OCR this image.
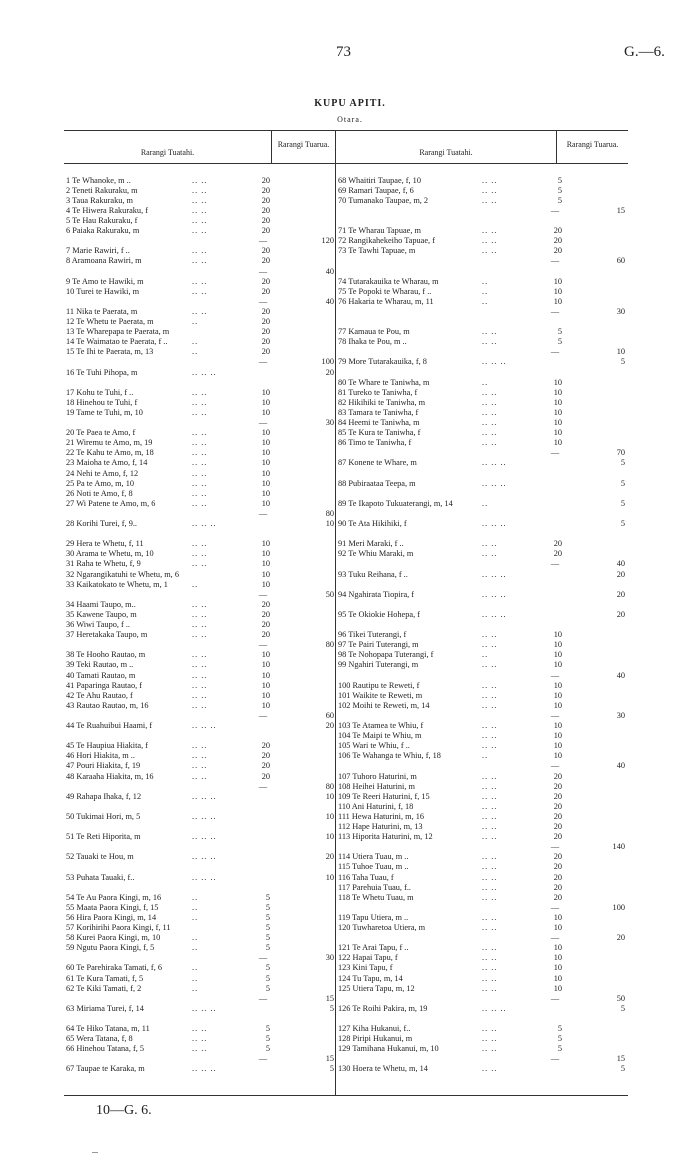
73	G.—6.
KUPU APITI.
Otara.
Rarangi Tuatahi.
Rarangi Tuarua.
Rarangi Tuatahi.
Rarangi Tuarua.
1 Te Whanoke, m ..	.. ..	20
2 Teneti Rakuraku, m	.. ..	20
3 Taua Rakuraku, m	.. ..	20
4 Te Hiwera Rakuraku, f	.. ..	20
5 Te Hau Rakuraku, f	.. ..	20
6 Paiaka Rakuraku, m	.. ..	20
—	120
7 Marie Rawiri, f ..	.. ..	20
8 Aramoana Rawiri, m	.. ..	20
—	40
9 Te Amo te Hawiki, m	.. ..	20
10 Turei te Hawiki, m	.. ..	20
—	40
11 Nika te Paerata, m	.. ..	20
12 Te Whetu te Paerata, m	..	20
13 Te Wharepapa te Paerata, m	20
14 Te Waimatao te Paerata, f ..	..	20
15 Te Ihi te Paerata, m, 13	..	20
—	100
16 Te Tuhi Pihopa, m	.. .. ..	20
17 Kohu te Tuhi, f ..	.. ..	10
18 Hinehou te Tuhi, f	.. ..	10
19 Tame te Tuhi, m, 10	.. ..	10
—	30
20 Te Paea te Amo, f	.. ..	10
21 Wiremu te Amo, m, 19	.. ..	10
22 Te Kahu te Amo, m, 18	.. ..	10
23 Maioha te Amo, f, 14	.. ..	10
24 Nehi te Amo, f, 12	.. ..	10
25 Pa te Amo, m, 10	.. ..	10
26 Noti te Amo, f, 8	.. ..	10
27 Wi Patene te Amo, m, 6	.. ..	10
—	80
28 Korihi Turei, f, 9..	.. .. ..	10
29 Hera te Whetu, f, 11	.. ..	10
30 Arama te Whetu, m, 10	.. ..	10
31 Raha te Whetu, f, 9	.. ..	10
32 Ngarangikatuhi te Whetu, m, 6	10
33 Kaikatokato te Whetu, m, 1	..	10
—	50
34 Haami Taupo, m..	.. ..	20
35 Kawene Taupo, m	.. ..	20
36 Wiwi Taupo, f ..	.. ..	20
37 Heretakaka Taupo, m	.. ..	20
—	80
38 Te Hooho Rautao, m	.. ..	10
39 Teki Rautao, m ..	.. ..	10
40 Tamati Rautao, m	.. ..	10
41 Paparinga Rautao, f	.. ..	10
42 Te Ahu Rautao, f	.. ..	10
43 Rautao Rautao, m, 16	.. ..	10
—	60
44 Te Ruahuibui Haami, f	.. .. ..	20
45 Te Haupiua Hiakita, f	.. ..	20
46 Hori Hiakita, m ..	.. ..	20
47 Pouri Hiakita, f, 19	.. ..	20
48 Karaaha Hiakita, m, 16	.. ..	20
—	80
49 Rahapa Ihaka, f, 12	.. .. ..	10
50 Tukimai Hori, m, 5	.. .. ..	10
51 Te Reti Hiporita, m	.. .. ..	10
52 Tauaki te Hou, m	.. .. ..	20
53 Puhata Tauaki, f..	.. .. ..	10
54 Te Au Paora Kingi, m, 16	..	5
55 Maata Paora Kingi, f, 15	..	5
56 Hira Paora Kingi, m, 14	..	5
57 Korihirihi Paora Kingi, f, 11	5
58 Kurei Paora Kingi, m, 10	..	5
59 Ngutu Paora Kingi, f, 5	..	5
—	30
60 Te Parehiraka Tamati, f, 6	..	5
61 Te Kura Tamati, f, 5	..	5
62 Te Kiki Tamati, f, 2	..	5
—	15
63 Miriama Turei, f, 14	.. .. ..	5
64 Te Hiko Tatana, m, 11	.. ..	5
65 Wera Tatana, f, 8	.. ..	5
66 Hinehou Tatana, f, 5	.. ..	5
—	15
67 Taupae te Karaka, m	.. .. ..	5
68 Whaitiri Taupae, f, 10	.. ..	5
69 Ramari Taupae, f, 6	.. ..	5
70 Tumanako Taupae, m, 2	.. ..	5
—	15
71 Te Wharau Tapuae, m	.. ..	20
72 Rangikahekeiho Tapuae, f	.. ..	20
73 Te Tawhi Tapuae, m	.. ..	20
—	60
74 Tutarakauika te Wharau, m	..	10
75 Te Popoki te Wharau, f ..	..	10
76 Hakaria te Wharau, m, 11	..	10
—	30
77 Kamaua te Pou, m	.. ..	5
78 Ihaka te Pou, m ..	.. ..	5
—	10
79 More Tutarakauika, f, 8	.. .. ..	5
80 Te Whare te Taniwha, m	..	10
81 Tureko te Taniwha, f	.. ..	10
82 Hikihiki te Taniwha, m	.. ..	10
83 Tamara te Taniwha, f	.. ..	10
84 Heemi te Taniwha, m	.. ..	10
85 Te Kura te Taniwha, f	.. ..	10
86 Timo te Taniwha, f	.. ..	10
—	70
87 Konene te Whare, m	.. .. ..	5
88 Pubiraataa Teepa, m	.. .. ..	5
89 Te Ikapoto Tukuaterangi, m, 14	..	5
90 Te Ata Hikihiki, f	.. .. ..	5
91 Meri Maraki, f ..	.. ..	20
92 Te Whiu Maraki, m	.. ..	20
—	40
93 Tuku Reihana, f ..	.. .. ..	20
94 Ngahirata Tiopira, f	.. .. ..	20
95 Te Okiokie Hohepa, f	.. .. ..	20
96 Tikei Tuterangi, f	.. ..	10
97 Te Pairi Tuterangi, m	.. ..	10
98 Te Nohopapa Tuterangi, f	..	10
99 Ngahiri Tuterangi, m	.. ..	10
—	40
100 Rautipu te Reweti, f	.. ..	10
101 Waikite te Reweti, m	.. ..	10
102 Moihi te Reweti, m, 14	.. ..	10
—	30
103 Te Atamea te Whiu, f	.. ..	10
104 Te Maipi te Whiu, m	.. ..	10
105 Wari te Whiu, f ..	.. ..	10
106 Te Wahanga te Whiu, f, 18	..	10
—	40
107 Tuhoro Haturini, m	.. ..	20
108 Heihei Haturini, m	.. ..	20
109 Te Reeri Haturini, f, 15	.. ..	20
110 Ani Haturini, f, 18	.. ..	20
111 Hewa Haturini, m, 16	.. ..	20
112 Hape Haturini, m, 13	.. ..	20
113 Hiporita Haturini, m, 12	.. ..	20
—	140
114 Utiera Tuau, m ..	.. ..	20
115 Tuhoe Tuau, m ..	.. ..	20
116 Taha Tuau, f	.. ..	20
117 Parehuia Tuau, f..	.. ..	20
118 Te Whetu Tuau, m	.. ..	20
—	100
119 Tapu Utiera, m ..	.. ..	10
120 Tuwharetoa Utiera, m	.. ..	10
—	20
121 Te Arai Tapu, f ..	.. ..	10
122 Hapai Tapu, f	.. ..	10
123 Kini Tapu, f	.. ..	10
124 Tu Tapu, m, 14	.. ..	10
125 Utiera Tapu, m, 12	.. ..	10
—	50
126 Te Roihi Pakira, m, 19	.. .. ..	5
127 Kiha Hukanui, f..	.. ..	5
128 Piripi Hukanui, m	.. ..	5
129 Tamihana Hukanui, m, 10	.. ..	5
—	15
130 Hoera te Whetu, m, 14	.. ..	5
10—G. 6.
